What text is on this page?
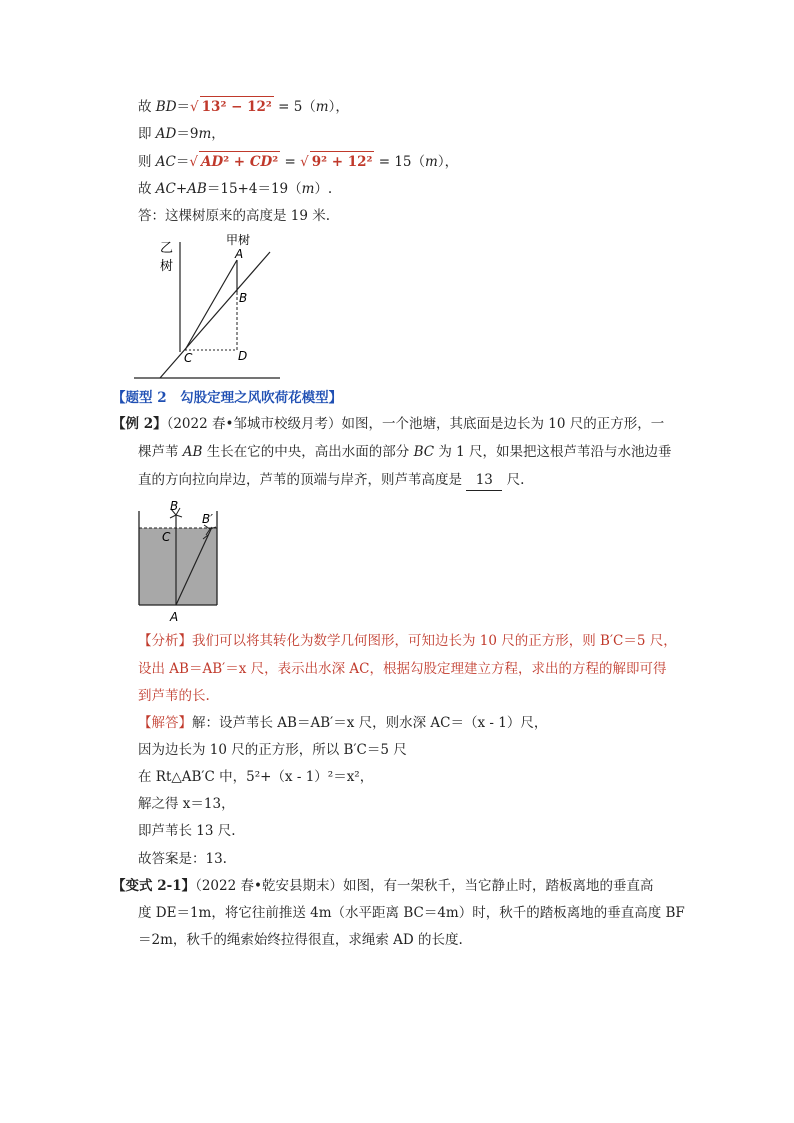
故 BD＝√ 13² − 12² = 5（m），
即 AD＝9m，
则 AC＝√ AD² + CD² = √ 9² + 12² = 15（m），
故 AC+AB＝15+4＝19（m）.
答：这棵树原来的高度是 19 米.
乙
树
甲树
A
B
C	D
【题型 2　勾股定理之风吹荷花模型】
【例 2】（2022 春•邹城市校级月考）如图，一个池塘，其底面是边长为 10 尺的正方形，一
棵芦苇 AB 生长在它的中央，高出水面的部分 BC 为 1 尺，如果把这根芦苇沿与水池边垂
直的方向拉向岸边，芦苇的顶端与岸齐，则芦苇高度是 13 尺.
B
B′
C
A
【分析】我们可以将其转化为数学几何图形，可知边长为 10 尺的正方形，则 B′C＝5 尺，
设出 AB＝AB′＝x 尺，表示出水深 AC，根据勾股定理建立方程，求出的方程的解即可得
到芦苇的长.
【解答】解：设芦苇长 AB＝AB′＝x 尺，则水深 AC＝（x - 1）尺，
因为边长为 10 尺的正方形，所以 B′C＝5 尺
在 Rt△AB′C 中，5²+（x - 1）²＝x²，
解之得 x＝13，
即芦苇长 13 尺.
故答案是：13.
【变式 2-1】（2022 春•乾安县期末）如图，有一架秋千，当它静止时，踏板离地的垂直高
度 DE＝1m，将它往前推送 4m（水平距离 BC＝4m）时，秋千的踏板离地的垂直高度 BF
＝2m，秋千的绳索始终拉得很直，求绳索 AD 的长度.
